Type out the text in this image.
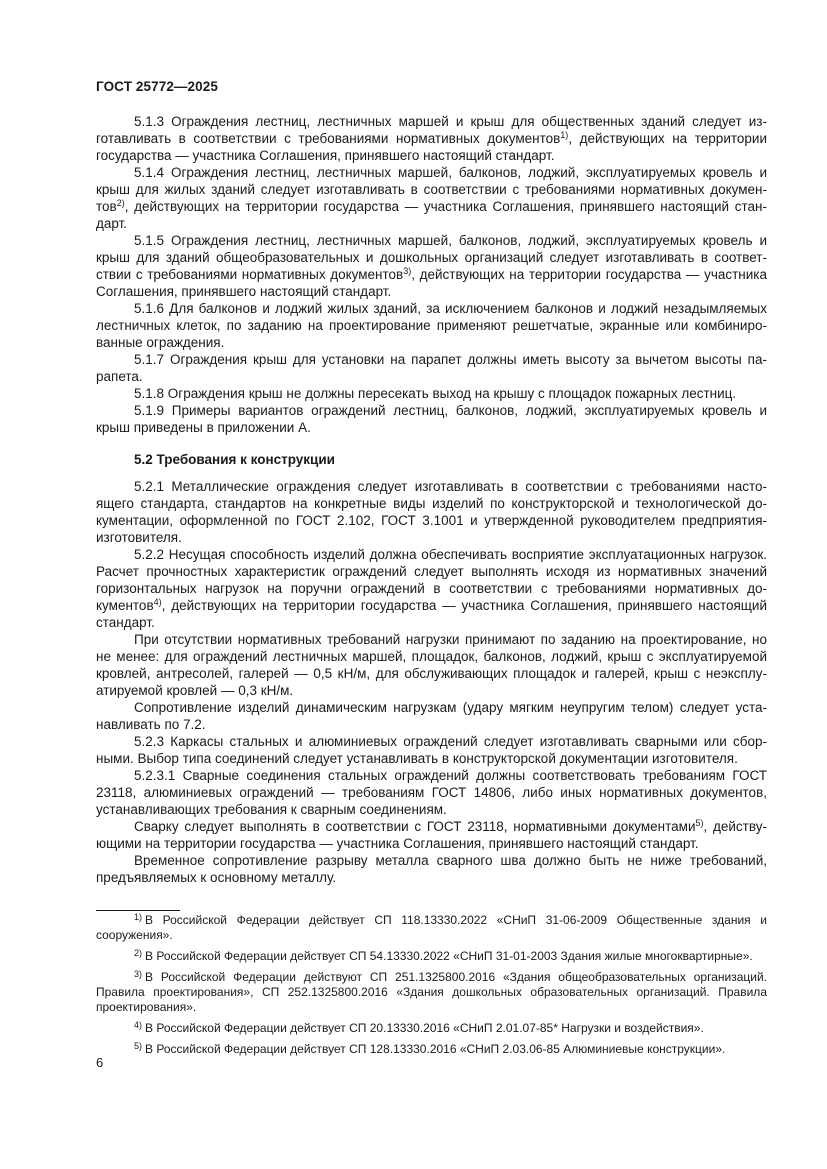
ГОСТ 25772—2025

5.1.3 Ограждения лестниц, лестничных маршей и крыш для общественных зданий следует изготавливать в соответствии с требованиями нормативных документов$^{1)}$, действующих на территории государства — участника Соглашения, принявшего настоящий стандарт.

5.1.4 Ограждения лестниц, лестничных маршей, балконов, лоджий, эксплуатируемых кровель и крыш для жилых зданий следует изготавливать в соответствии с требованиями нормативных документов$^{2)}$, действующих на территории государства — участника Соглашения, принявшего настоящий стандарт.

5.1.5 Ограждения лестниц, лестничных маршей, балконов, лоджий, эксплуатируемых кровель и крыш для зданий общеобразовательных и дошкольных организаций следует изготавливать в соответствии с требованиями нормативных документов$^{3)}$, действующих на территории государства — участника Соглашения, принявшего настоящий стандарт.

5.1.6 Для балконов и лоджий жилых зданий, за исключением балконов и лоджий незадымляемых лестничных клеток, по заданию на проектирование применяют решетчатые, экранные или комбинированные ограждения.

5.1.7 Ограждения крыш для установки на парапет должны иметь высоту за вычетом высоты парапета.

5.1.8 Ограждения крыш не должны пересекать выход на крышу с площадок пожарных лестниц.

5.1.9 Примеры вариантов ограждений лестниц, балконов, лоджий, эксплуатируемых кровель и крыш приведены в приложении А.

5.2 Требования к конструкции

5.2.1 Металлические ограждения следует изготавливать в соответствии с требованиями настоящего стандарта, стандартов на конкретные виды изделий по конструкторской и технологической документации, оформленной по ГОСТ 2.102, ГОСТ 3.1001 и утвержденной руководителем предприятия-изготовителя.

5.2.2 Несущая способность изделий должна обеспечивать восприятие эксплуатационных нагрузок. Расчет прочностных характеристик ограждений следует выполнять исходя из нормативных значений горизонтальных нагрузок на поручни ограждений в соответствии с требованиями нормативных документов$^{4)}$, действующих на территории государства — участника Соглашения, принявшего настоящий стандарт.

При отсутствии нормативных требований нагрузки принимают по заданию на проектирование, но не менее: для ограждений лестничных маршей, площадок, балконов, лоджий, крыш с эксплуатируемой кровлей, антресолей, галерей — 0,5 кН/м, для обслуживающих площадок и галерей, крыш с неэксплуатируемой кровлей — 0,3 кН/м.

Сопротивление изделий динамическим нагрузкам (удару мягким неупругим телом) следует устанавливать по 7.2.

5.2.3 Каркасы стальных и алюминиевых ограждений следует изготавливать сварными или сборными. Выбор типа соединений следует устанавливать в конструкторской документации изготовителя.

5.2.3.1 Сварные соединения стальных ограждений должны соответствовать требованиям ГОСТ 23118, алюминиевых ограждений — требованиям ГОСТ 14806, либо иных нормативных документов, устанавливающих требования к сварным соединениям.

Сварку следует выполнять в соответствии с ГОСТ 23118, нормативными документами$^{5)}$, действующими на территории государства — участника Соглашения, принявшего настоящий стандарт.

Временное сопротивление разрыву металла сварного шва должно быть не ниже требований, предъявляемых к основному металлу.

$^{1)}$ В Российской Федерации действует СП 118.13330.2022 «СНиП 31-06-2009 Общественные здания и сооружения».
$^{2)}$ В Российской Федерации действует СП 54.13330.2022 «СНиП 31-01-2003 Здания жилые многоквартирные».
$^{3)}$ В Российской Федерации действуют СП 251.1325800.2016 «Здания общеобразовательных организаций. Правила проектирования», СП 252.1325800.2016 «Здания дошкольных образовательных организаций. Правила проектирования».
$^{4)}$ В Российской Федерации действует СП 20.13330.2016 «СНиП 2.01.07-85* Нагрузки и воздействия».
$^{5)}$ В Российской Федерации действует СП 128.13330.2016 «СНиП 2.03.06-85 Алюминиевые конструкции».
6
